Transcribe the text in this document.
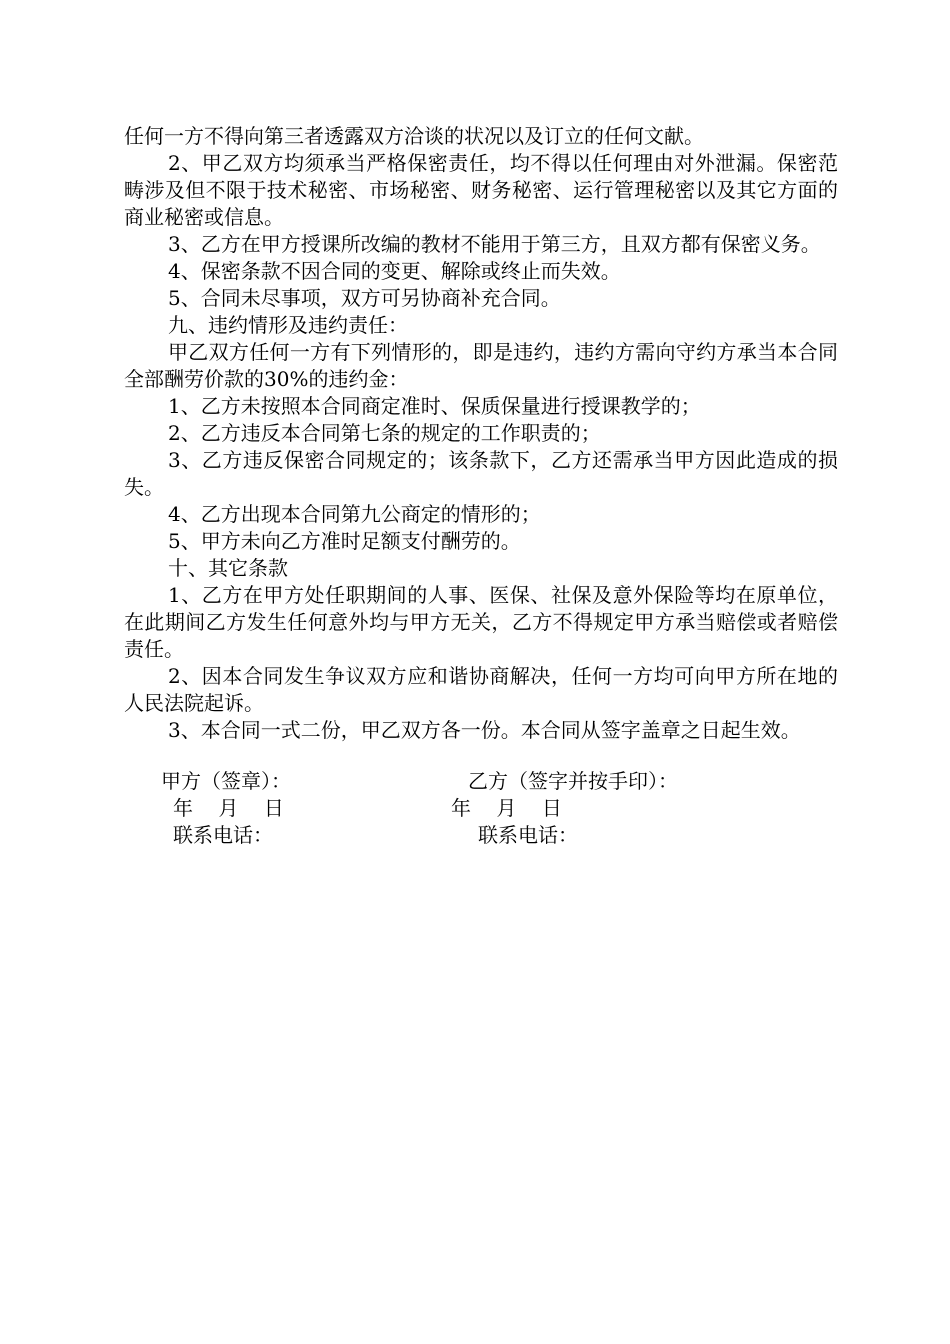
任何一方不得向第三者透露双方洽谈的状况以及订立的任何文献。

2、甲乙双方均须承当严格保密责任，均不得以任何理由对外泄漏。保密范畴涉及但不限于技术秘密、市场秘密、财务秘密、运行管理秘密以及其它方面的商业秘密或信息。

3、乙方在甲方授课所改编的教材不能用于第三方，且双方都有保密义务。

4、保密条款不因合同的变更、解除或终止而失效。

5、合同未尽事项，双方可另协商补充合同。

九、违约情形及违约责任：

甲乙双方任何一方有下列情形的，即是违约，违约方需向守约方承当本合同全部酬劳价款的30%的违约金：

1、乙方未按照本合同商定准时、保质保量进行授课教学的；

2、乙方违反本合同第七条的规定的工作职责的；

3、乙方违反保密合同规定的；该条款下，乙方还需承当甲方因此造成的损失。

4、乙方出现本合同第九公商定的情形的；

5、甲方未向乙方准时足额支付酬劳的。

十、其它条款

1、乙方在甲方处任职期间的人事、医保、社保及意外保险等均在原单位，在此期间乙方发生任何意外均与甲方无关，乙方不得规定甲方承当赔偿或者赔偿责任。

2、因本合同发生争议双方应和谐协商解决，任何一方均可向甲方所在地的人民法院起诉。

3、本合同一式二份，甲乙双方各一份。本合同从签字盖章之日起生效。

甲方（签章）：
年    月    日
联系电话：
乙方（签字并按手印）：
年    月    日
联系电话：
